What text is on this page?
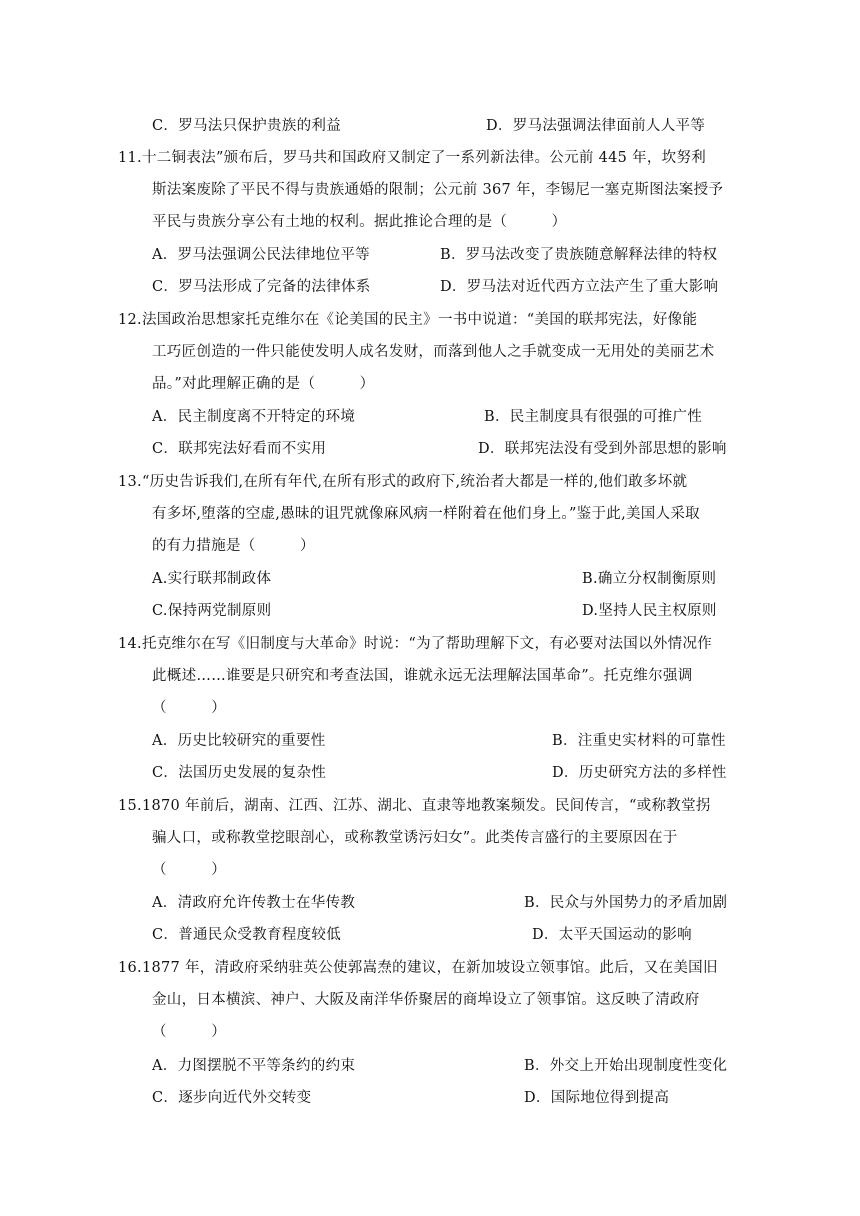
C．罗马法只保护贵族的利益	D．罗马法强调法律面前人人平等
11.十二铜表法”颁布后，罗马共和国政府又制定了一系列新法律。公元前 445 年，坎努利
斯法案废除了平民不得与贵族通婚的限制；公元前 367 年，李锡尼一塞克斯图法案授予
平民与贵族分享公有土地的权利。据此推论合理的是（　　　）
A．罗马法强调公民法律地位平等	B．罗马法改变了贵族随意解释法律的特权
C．罗马法形成了完备的法律体系	D．罗马法对近代西方立法产生了重大影响
12.法国政治思想家托克维尔在《论美国的民主》一书中说道：“美国的联邦宪法，好像能
工巧匠创造的一件只能使发明人成名发财，而落到他人之手就变成一无用处的美丽艺术
品。”对此理解正确的是（　　　）
A．民主制度离不开特定的环境	B．民主制度具有很强的可推广性
C．联邦宪法好看而不实用	D．联邦宪法没有受到外部思想的影响
13.“历史告诉我们,在所有年代,在所有形式的政府下,统治者大都是一样的,他们敢多坏就
有多坏,堕落的空虚,愚昧的诅咒就像麻风病一样附着在他们身上。”鉴于此,美国人采取
的有力措施是（　　　）
A.实行联邦制政体	B.确立分权制衡原则
C.保持两党制原则	D.坚持人民主权原则
14.托克维尔在写《旧制度与大革命》时说：“为了帮助理解下文，有必要对法国以外情况作
此概述……谁要是只研究和考查法国，谁就永远无法理解法国革命”。托克维尔强调
（　　　）
A．历史比较研究的重要性	B．注重史实材料的可靠性
C．法国历史发展的复杂性	D．历史研究方法的多样性
15.1870 年前后，湖南、江西、江苏、湖北、直隶等地教案频发。民间传言，“或称教堂拐
骗人口，或称教堂挖眼剖心，或称教堂诱污妇女”。此类传言盛行的主要原因在于
（　　　）
A．清政府允许传教士在华传教	B．民众与外国势力的矛盾加剧
C．普通民众受教育程度较低	D．太平天国运动的影响
16.1877 年，清政府采纳驻英公使郭嵩焘的建议，在新加坡设立领事馆。此后，又在美国旧
金山，日本横滨、神户、大阪及南洋华侨聚居的商埠设立了领事馆。这反映了清政府
（　　　）
A．力图摆脱不平等条约的约束	B．外交上开始出现制度性变化
C．逐步向近代外交转变	D．国际地位得到提高
